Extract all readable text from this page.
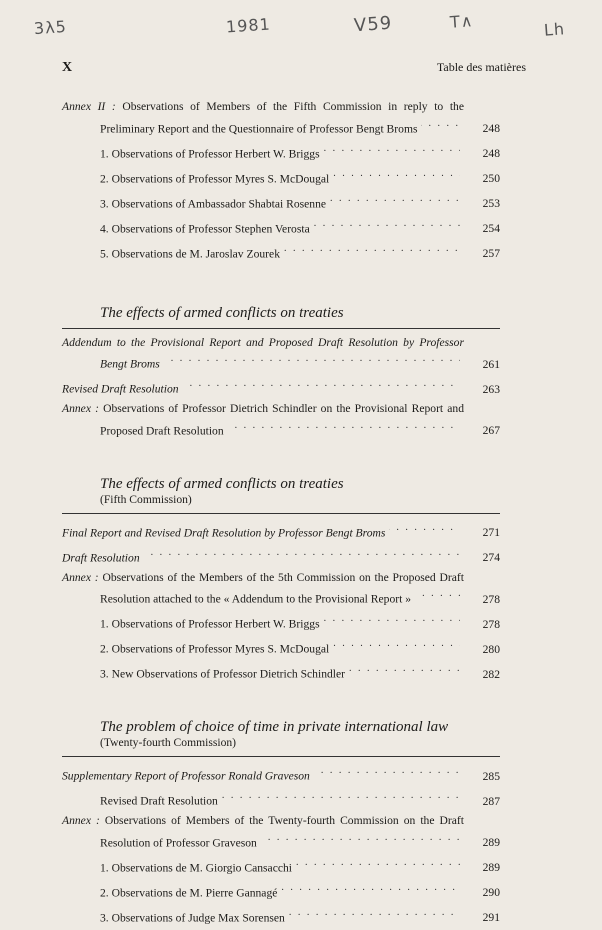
3λ5	1981	V59	T∧	Lh
X	Table des matières
Annex II : Observations of Members of the Fifth Commission in reply to the Preliminary Report and the Questionnaire of Professor Bengt Broms . . .	248
1. Observations of Professor Herbert W. Briggs . . .	248
2. Observations of Professor Myres S. McDougal . . .	250
3. Observations of Ambassador Shabtai Rosenne . . .	253
4. Observations of Professor Stephen Verosta . . .	254
5. Observations de M. Jaroslav Zourek . . .	257
The effects of armed conflicts on treaties
Addendum to the Provisional Report and Proposed Draft Resolution by Professor Bengt Broms . . .	261
Revised Draft Resolution . . .	263
Annex : Observations of Professor Dietrich Schindler on the Provisional Report and Proposed Draft Resolution . . .	267
The effects of armed conflicts on treaties
(Fifth Commission)
Final Report and Revised Draft Resolution by Professor Bengt Broms . . .	271
Draft Resolution . . .	274
Annex : Observations of the Members of the 5th Commission on the Proposed Draft Resolution attached to the « Addendum to the Provisional Report » . . .	278
1. Observations of Professor Herbert W. Briggs . . .	278
2. Observations of Professor Myres S. McDougal . . .	280
3. New Observations of Professor Dietrich Schindler . . .	282
The problem of choice of time in private international law
(Twenty-fourth Commission)
Supplementary Report of Professor Ronald Graveson . . .	285
Revised Draft Resolution . . .	287
Annex : Observations of Members of the Twenty-fourth Commission on the Draft Resolution of Professor Graveson . . .	289
1. Observations de M. Giorgio Cansacchi . . .	289
2. Observations de M. Pierre Gannagé . . .	290
3. Observations of Judge Max Sorensen . . .	291
